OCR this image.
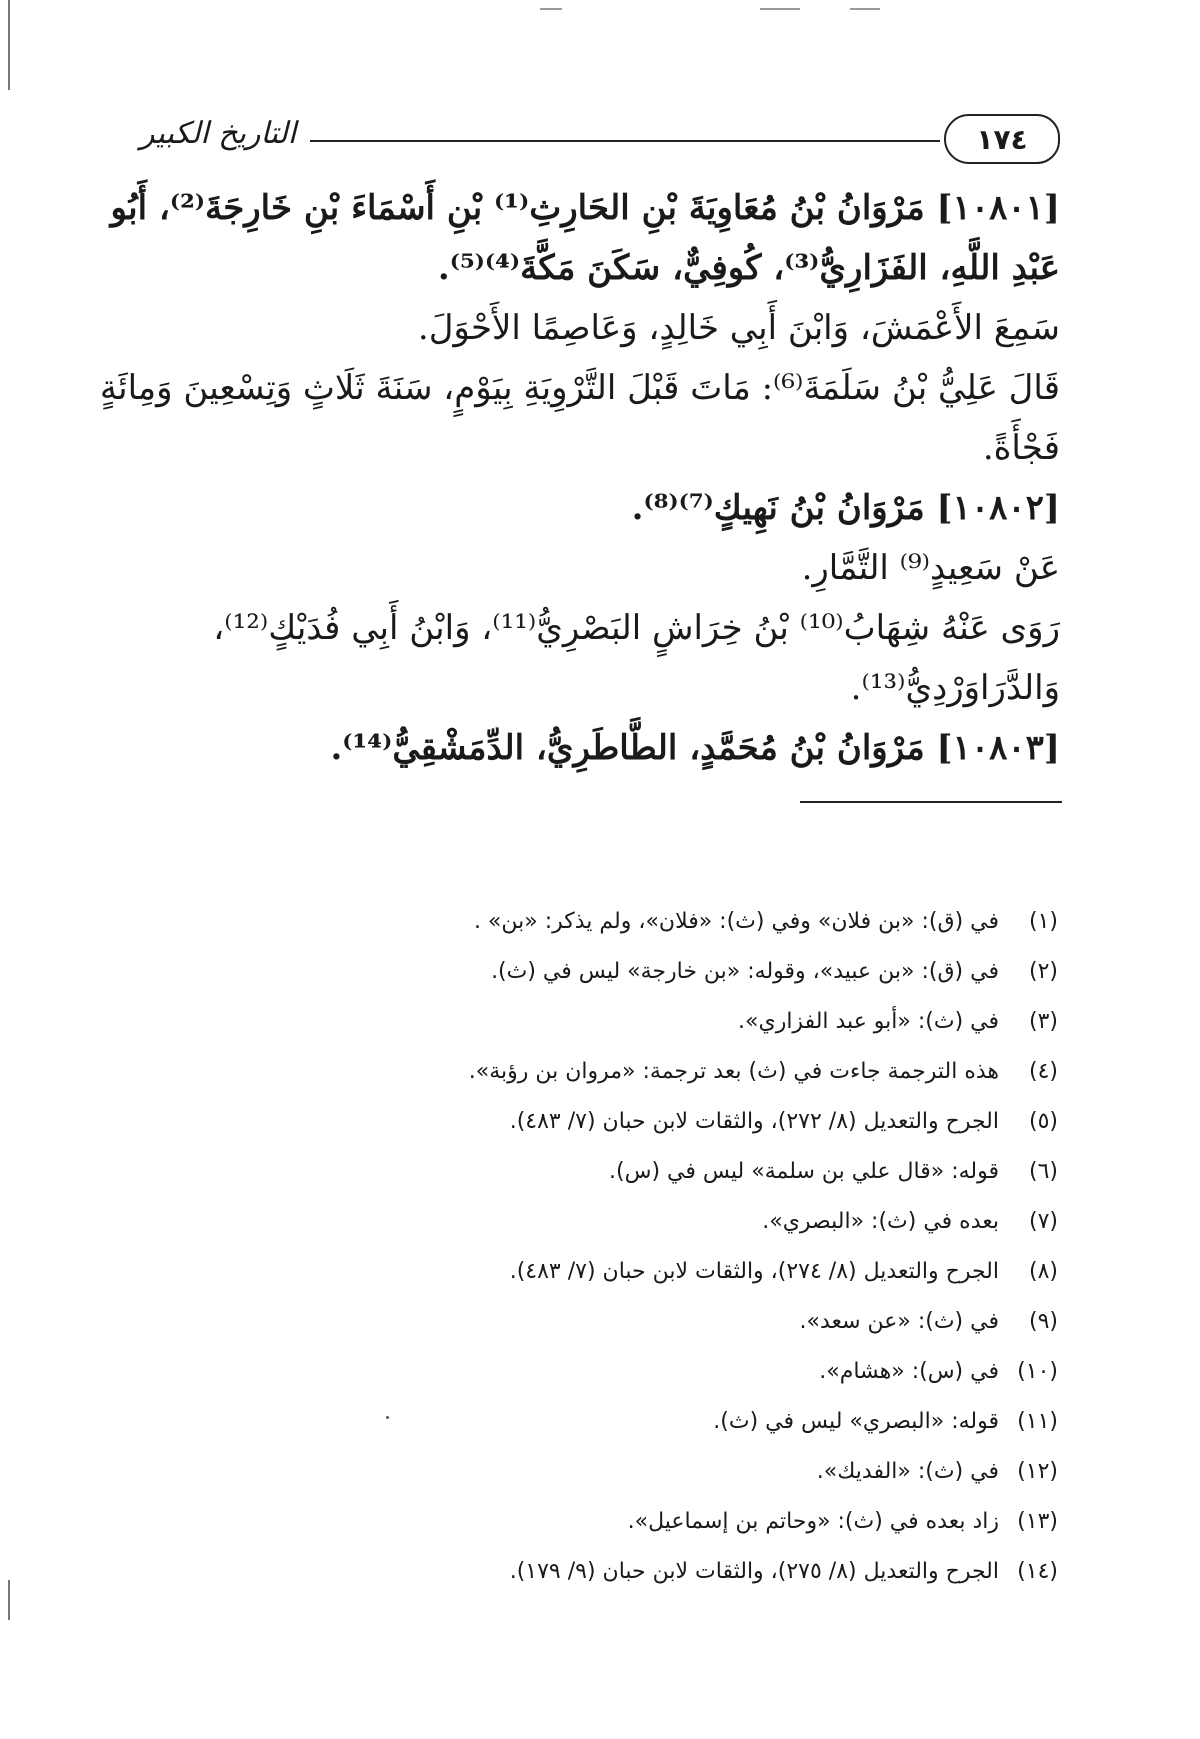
التاريخ الكبير	١٧٤
[١٠٨٠١] مَرْوَانُ بْنُ مُعَاوِيَةَ بْنِ الحَارِثِ⁽¹⁾ بْنِ أَسْمَاءَ بْنِ خَارِجَةَ⁽²⁾، أَبُو
عَبْدِ اللَّهِ، الفَزَارِيُّ⁽³⁾، كُوفِيٌّ، سَكَنَ مَكَّةَ⁽⁴⁾⁽⁵⁾.
سَمِعَ الأَعْمَشَ، وَابْنَ أَبِي خَالِدٍ، وَعَاصِمًا الأَحْوَلَ.
قَالَ عَلِيُّ بْنُ سَلَمَةَ⁽⁶⁾: مَاتَ قَبْلَ التَّرْوِيَةِ بِيَوْمٍ، سَنَةَ ثَلَاثٍ وَتِسْعِينَ وَمِائَةٍ
فَجْأَةً.
[١٠٨٠٢] مَرْوَانُ بْنُ نَهِيكٍ⁽⁷⁾⁽⁸⁾.
عَنْ سَعِيدٍ⁽⁹⁾ التَّمَّارِ.
رَوَى عَنْهُ شِهَابُ⁽¹⁰⁾ بْنُ خِرَاشٍ البَصْرِيُّ⁽¹¹⁾، وَابْنُ أَبِي فُدَيْكٍ⁽¹²⁾،
وَالدَّرَاوَرْدِيُّ⁽¹³⁾.
[١٠٨٠٣] مَرْوَانُ بْنُ مُحَمَّدٍ، الطَّاطَرِيُّ، الدِّمَشْقِيُّ⁽¹⁴⁾.
(١) في (ق): «بن فلان» وفي (ث): «فلان»، ولم يذكر: «بن» .
(٢) في (ق): «بن عبيد»، وقوله: «بن خارجة» ليس في (ث).
(٣) في (ث): «أبو عبد الفزاري».
(٤) هذه الترجمة جاءت في (ث) بعد ترجمة: «مروان بن رؤبة».
(٥) الجرح والتعديل (٨/ ٢٧٢)، والثقات لابن حبان (٧/ ٤٨٣).
(٦) قوله: «قال علي بن سلمة» ليس في (س).
(٧) بعده في (ث): «البصري».
(٨) الجرح والتعديل (٨/ ٢٧٤)، والثقات لابن حبان (٧/ ٤٨٣).
(٩) في (ث): «عن سعد».
(١٠) في (س): «هشام».
(١١) قوله: «البصري» ليس في (ث).
(١٢) في (ث): «الفديك».
(١٣) زاد بعده في (ث): «وحاتم بن إسماعيل».
(١٤) الجرح والتعديل (٨/ ٢٧٥)، والثقات لابن حبان (٩/ ١٧٩).
